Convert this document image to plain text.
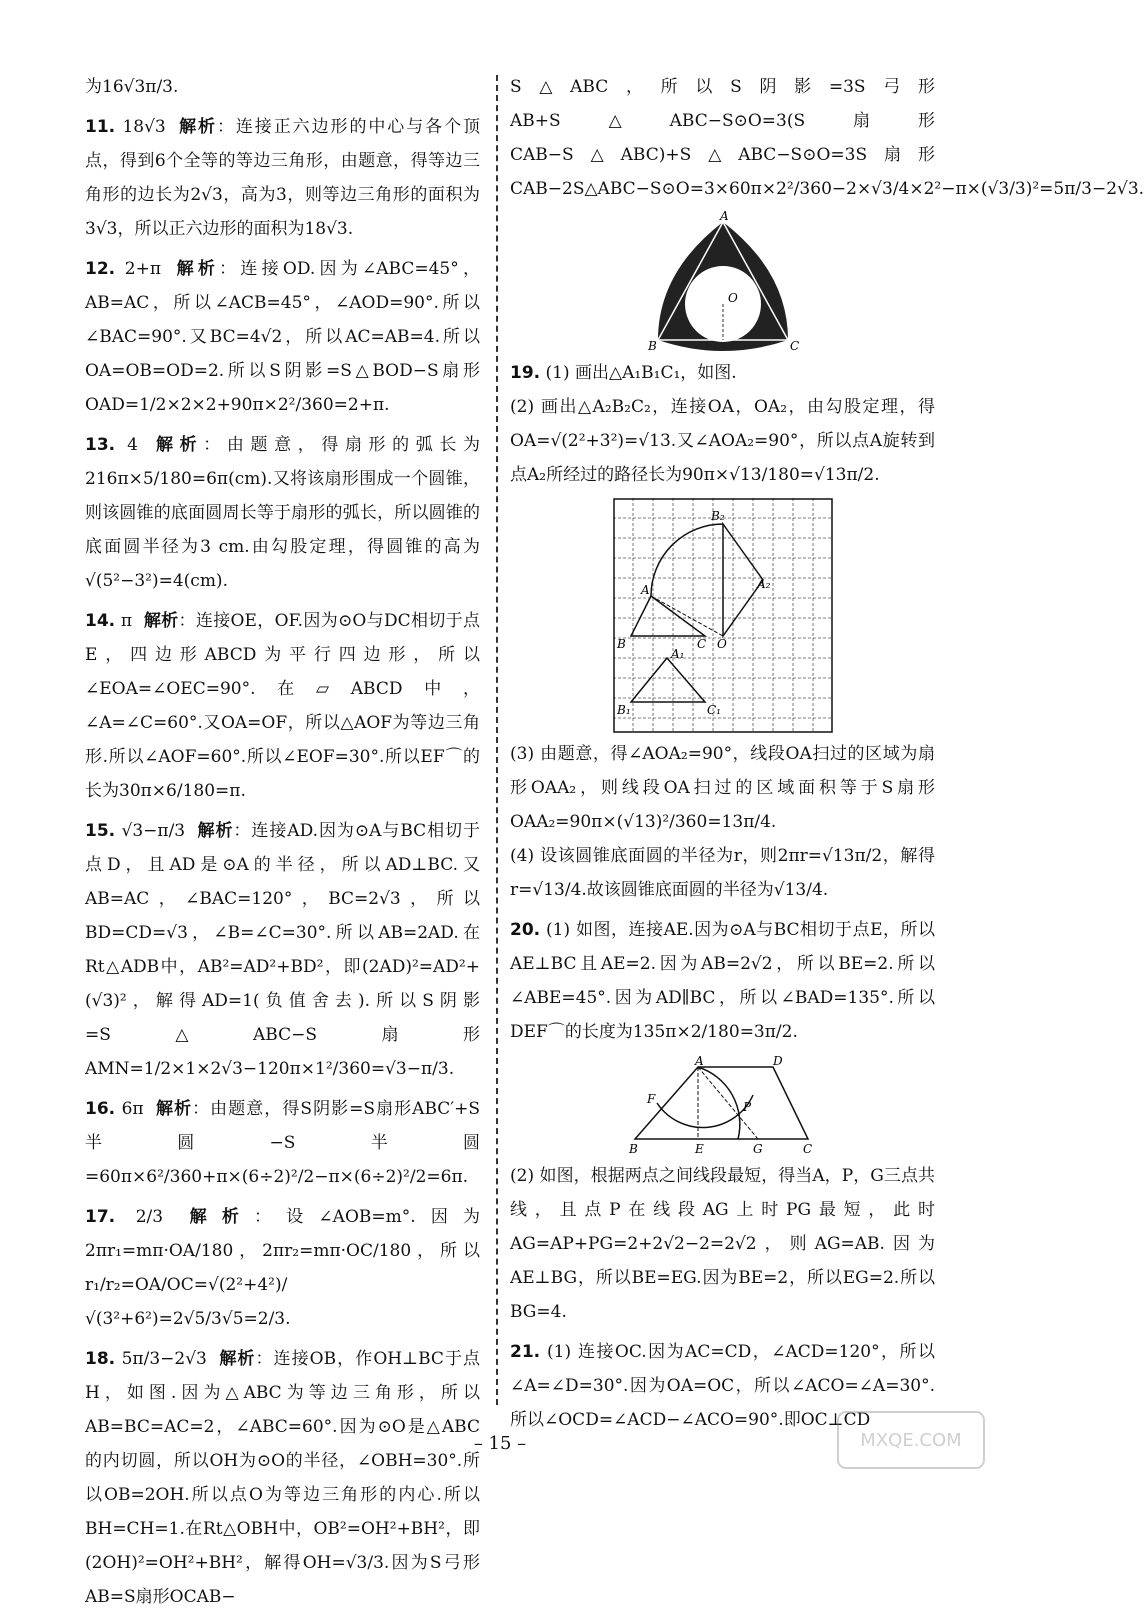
为16√3π/3.

11. 18√3 解析：连接正六边形的中心与各个顶点，得到6个全等的等边三角形，由题意，得等边三角形的边长为2√3，高为3，则等边三角形的面积为3√3，所以正六边形的面积为18√3.

12. 2+π 解析：连接OD.因为∠ABC=45°，AB=AC，所以∠ACB=45°，∠AOD=90°.所以∠BAC=90°.又BC=4√2，所以AC=AB=4.所以OA=OB=OD=2.所以S阴影=S△BOD−S扇形OAD=1/2×2×2+90π×2²/360=2+π.

13. 4 解析：由题意，得扇形的弧长为216π×5/180=6π(cm).又将该扇形围成一个圆锥，则该圆锥的底面圆周长等于扇形的弧长，所以圆锥的底面圆半径为3 cm.由勾股定理，得圆锥的高为√(5²−3²)=4(cm).

14. π 解析：连接OE，OF.因为⊙O与DC相切于点E，四边形ABCD为平行四边形，所以∠EOA=∠OEC=90°.在▱ABCD中，∠A=∠C=60°.又OA=OF，所以△AOF为等边三角形.所以∠AOF=60°.所以∠EOF=30°.所以EF⌒的长为30π×6/180=π.

15. √3−π/3 解析：连接AD.因为⊙A与BC相切于点D，且AD是⊙A的半径，所以AD⊥BC.又AB=AC，∠BAC=120°，BC=2√3，所以BD=CD=√3，∠B=∠C=30°.所以AB=2AD.在Rt△ADB中，AB²=AD²+BD²，即(2AD)²=AD²+(√3)²，解得AD=1(负值舍去).所以S阴影=S△ABC−S扇形AMN=1/2×1×2√3−120π×1²/360=√3−π/3.

16. 6π 解析：由题意，得S阴影=S扇形ABC′+S半圆−S半圆=60π×6²/360+π×(6÷2)²/2−π×(6÷2)²/2=6π.

17. 2/3 解析：设∠AOB=m°.因为2πr₁=mπ·OA/180，2πr₂=mπ·OC/180，所以r₁/r₂=OA/OC=√(2²+4²)/√(3²+6²)=2√5/3√5=2/3.

18. 5π/3−2√3 解析：连接OB，作OH⊥BC于点H，如图.因为△ABC为等边三角形，所以AB=BC=AC=2，∠ABC=60°.因为⊙O是△ABC的内切圆，所以OH为⊙O的半径，∠OBH=30°.所以OB=2OH.所以点O为等边三角形的内心.所以BH=CH=1.在Rt△OBH中，OB²=OH²+BH²，即(2OH)²=OH²+BH²，解得OH=√3/3.因为S弓形AB=S扇形OCAB−

S△ABC，所以S阴影=3S弓形AB+S△ABC−S⊙O=3(S扇形CAB−S△ABC)+S△ABC−S⊙O=3S扇形CAB−2S△ABC−S⊙O=3×60π×2²/360−2×√3/4×2²−π×(√3/3)²=5π/3−2√3.

A
B	C
O

19. (1) 画出△A₁B₁C₁，如图.
(2) 画出△A₂B₂C₂，连接OA，OA₂，由勾股定理，得OA=√(2²+3²)=√13.又∠AOA₂=90°，所以点A旋转到点A₂所经过的路径长为90π×√13/180=√13π/2.

B₂
A₂
A
B	C O
A₁
B₁	C₁

(3) 由题意，得∠AOA₂=90°，线段OA扫过的区域为扇形OAA₂，则线段OA扫过的区域面积等于S扇形OAA₂=90π×(√13)²/360=13π/4.
(4) 设该圆锥底面圆的半径为r，则2πr=√13π/2，解得r=√13/4.故该圆锥底面圆的半径为√13/4.

20. (1) 如图，连接AE.因为⊙A与BC相切于点E，所以AE⊥BC且AE=2.因为AB=2√2，所以BE=2.所以∠ABE=45°.因为AD∥BC，所以∠BAD=135°.所以DEF⌒的长度为135π×2/180=3π/2.

A	D
F
P
B	E	G	C

(2) 如图，根据两点之间线段最短，得当A，P，G三点共线，且点P在线段AG上时PG最短，此时AG=AP+PG=2+2√2−2=2√2，则AG=AB.因为AE⊥BG，所以BE=EG.因为BE=2，所以EG=2.所以BG=4.

21. (1) 连接OC.因为AC=CD，∠ACD=120°，所以∠A=∠D=30°.因为OA=OC，所以∠ACO=∠A=30°.所以∠OCD=∠ACD−∠ACO=90°.即OC⊥CD

– 15 –	MXQE.COM
